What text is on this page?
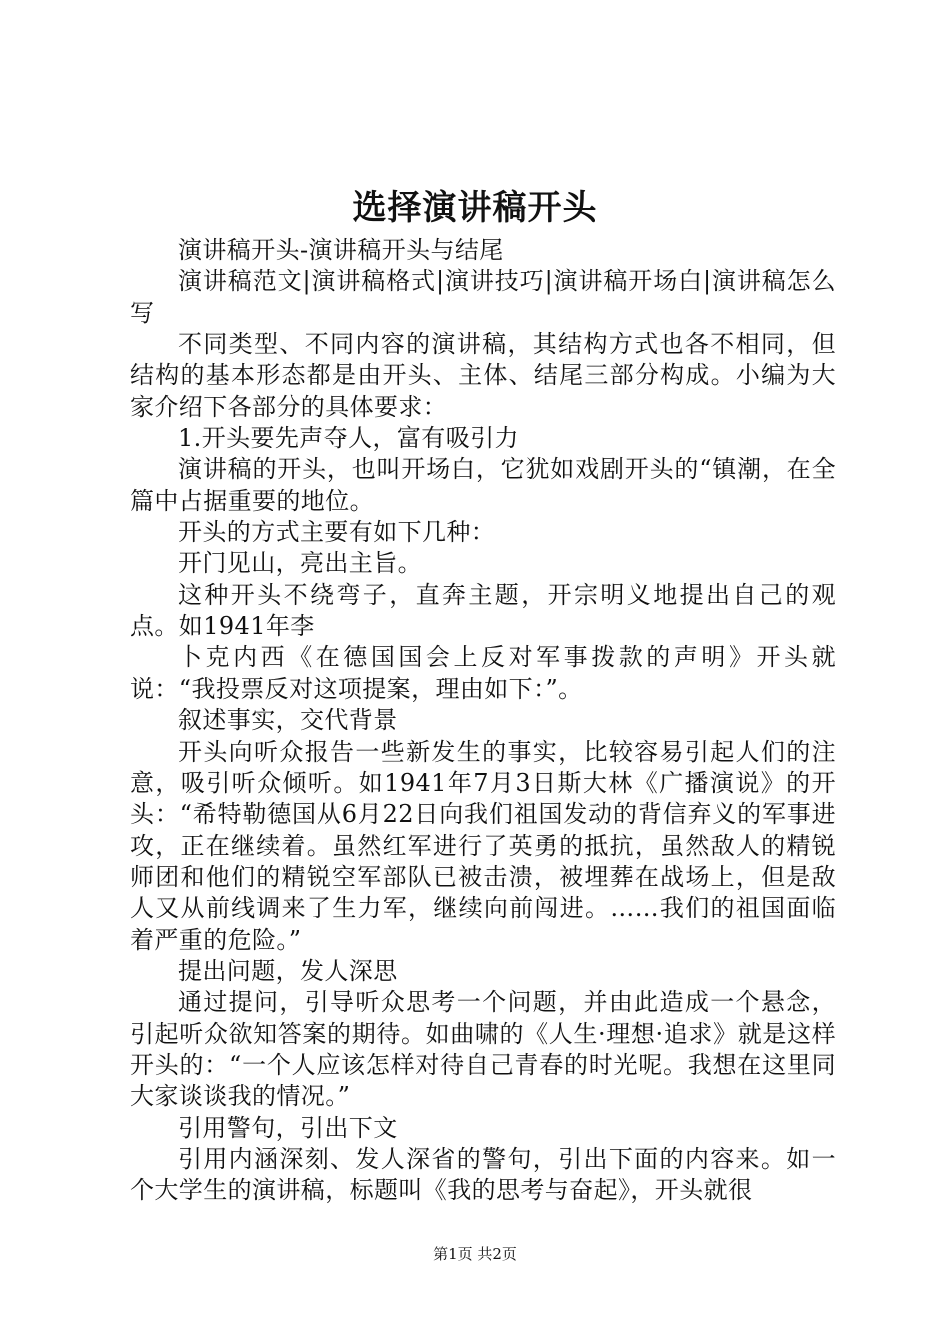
选择演讲稿开头

演讲稿开头-演讲稿开头与结尾

演讲稿范文|演讲稿格式|演讲技巧|演讲稿开场白|演讲稿怎么写

不同类型、不同内容的演讲稿，其结构方式也各不相同，但结构的基本形态都是由开头、主体、结尾三部分构成。小编为大家介绍下各部分的具体要求：

1.开头要先声夺人，富有吸引力

演讲稿的开头，也叫开场白，它犹如戏剧开头的“镇潮，在全篇中占据重要的地位。

开头的方式主要有如下几种：

开门见山，亮出主旨。

这种开头不绕弯子，直奔主题，开宗明义地提出自己的观点。如1941年李

卜克内西《在德国国会上反对军事拨款的声明》开头就说：“我投票反对这项提案，理由如下：”。

叙述事实，交代背景

开头向听众报告一些新发生的事实，比较容易引起人们的注意，吸引听众倾听。如1941年7月3日斯大林《广播演说》的开头：“希特勒德国从6月22日向我们祖国发动的背信弃义的军事进攻，正在继续着。虽然红军进行了英勇的抵抗，虽然敌人的精锐师团和他们的精锐空军部队已被击溃，被埋葬在战场上，但是敌人又从前线调来了生力军，继续向前闯进。……我们的祖国面临着严重的危险。”

提出问题，发人深思

通过提问，引导听众思考一个问题，并由此造成一个悬念，引起听众欲知答案的期待。如曲啸的《人生·理想·追求》就是这样开头的：“一个人应该怎样对待自己青春的时光呢。我想在这里同大家谈谈我的情况。”

引用警句，引出下文

引用内涵深刻、发人深省的警句，引出下面的内容来。如一个大学生的演讲稿，标题叫《我的思考与奋起》，开头就很

第1页 共2页
